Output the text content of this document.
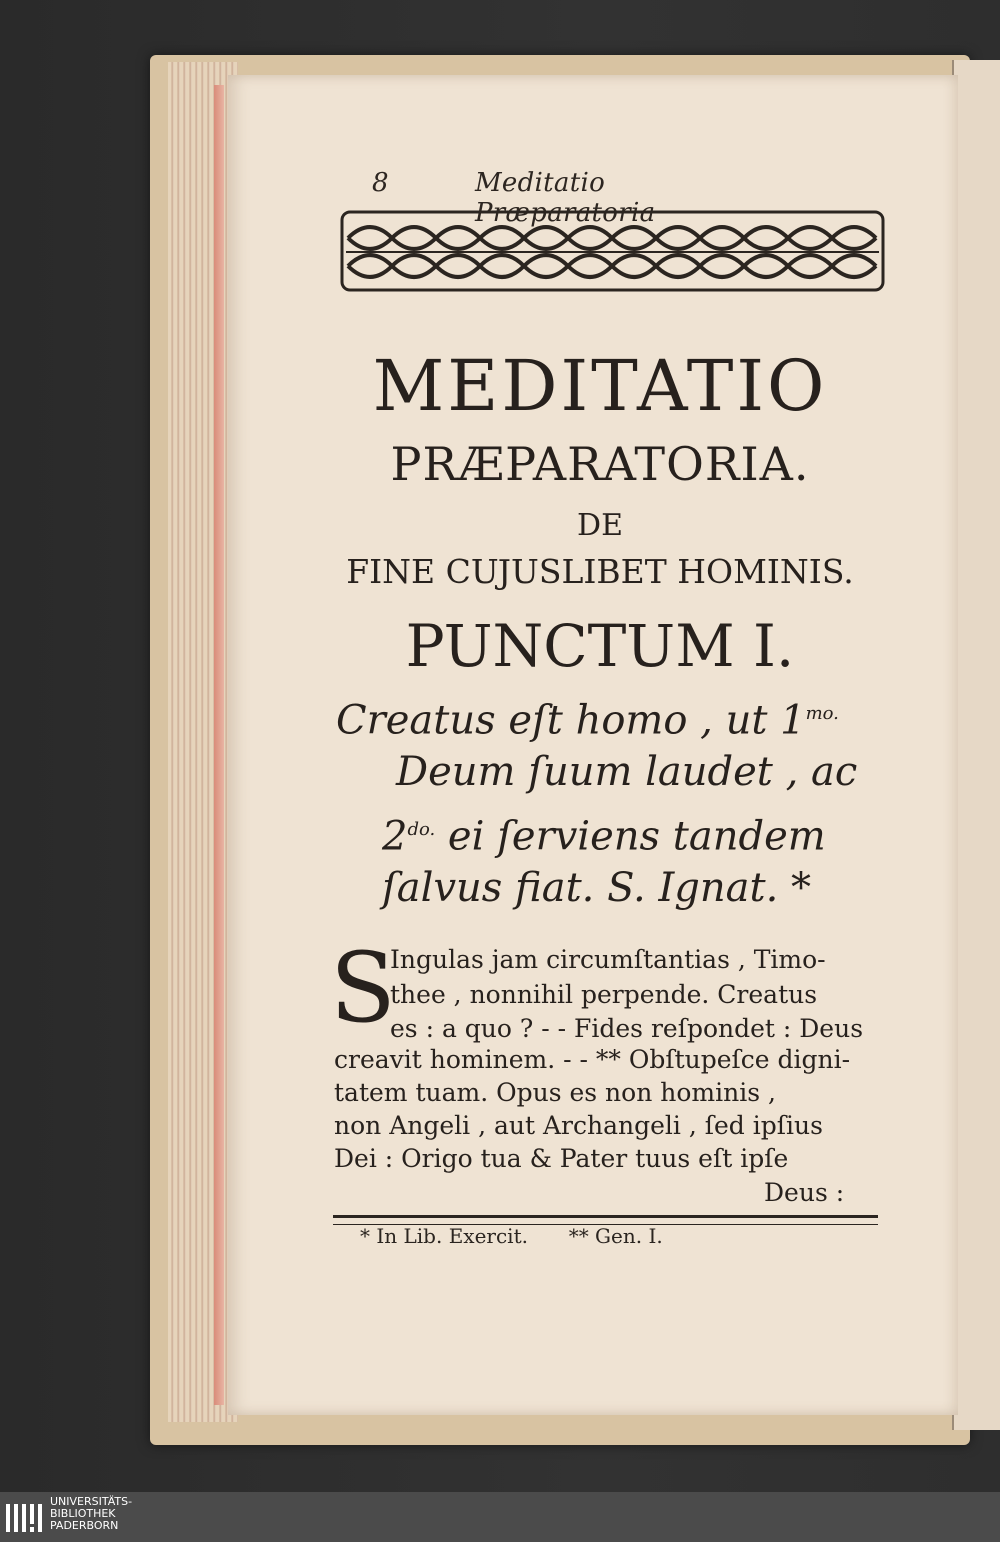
8	Meditatio Præparatoria
MEDITATIO
PRÆPARATORIA.
DE
FINE CUJUSLIBET HOMINIS.
PUNCTUM I.
Creatus eſt homo , ut $1^{mo.}$
Deum ſuum laudet , ac
$2^{do.}$ ei ſerviens tandem
ſalvus fiat. S. Ignat. *
S
Ingulas jam circumſtantias , Timo-
thee , nonnihil perpende. Creatus
es : a quo ? - - Fides reſpondet : Deus
creavit hominem. - - ** Obſtupeſce digni-
tatem tuam. Opus es non hominis ,
non Angeli , aut Archangeli , ſed ipſius
Dei : Origo tua & Pater tuus eſt ipſe
Deus :
* In Lib. Exercit. ** Gen. I.
UNIVERSITÄTS-
BIBLIOTHEK
PADERBORN
